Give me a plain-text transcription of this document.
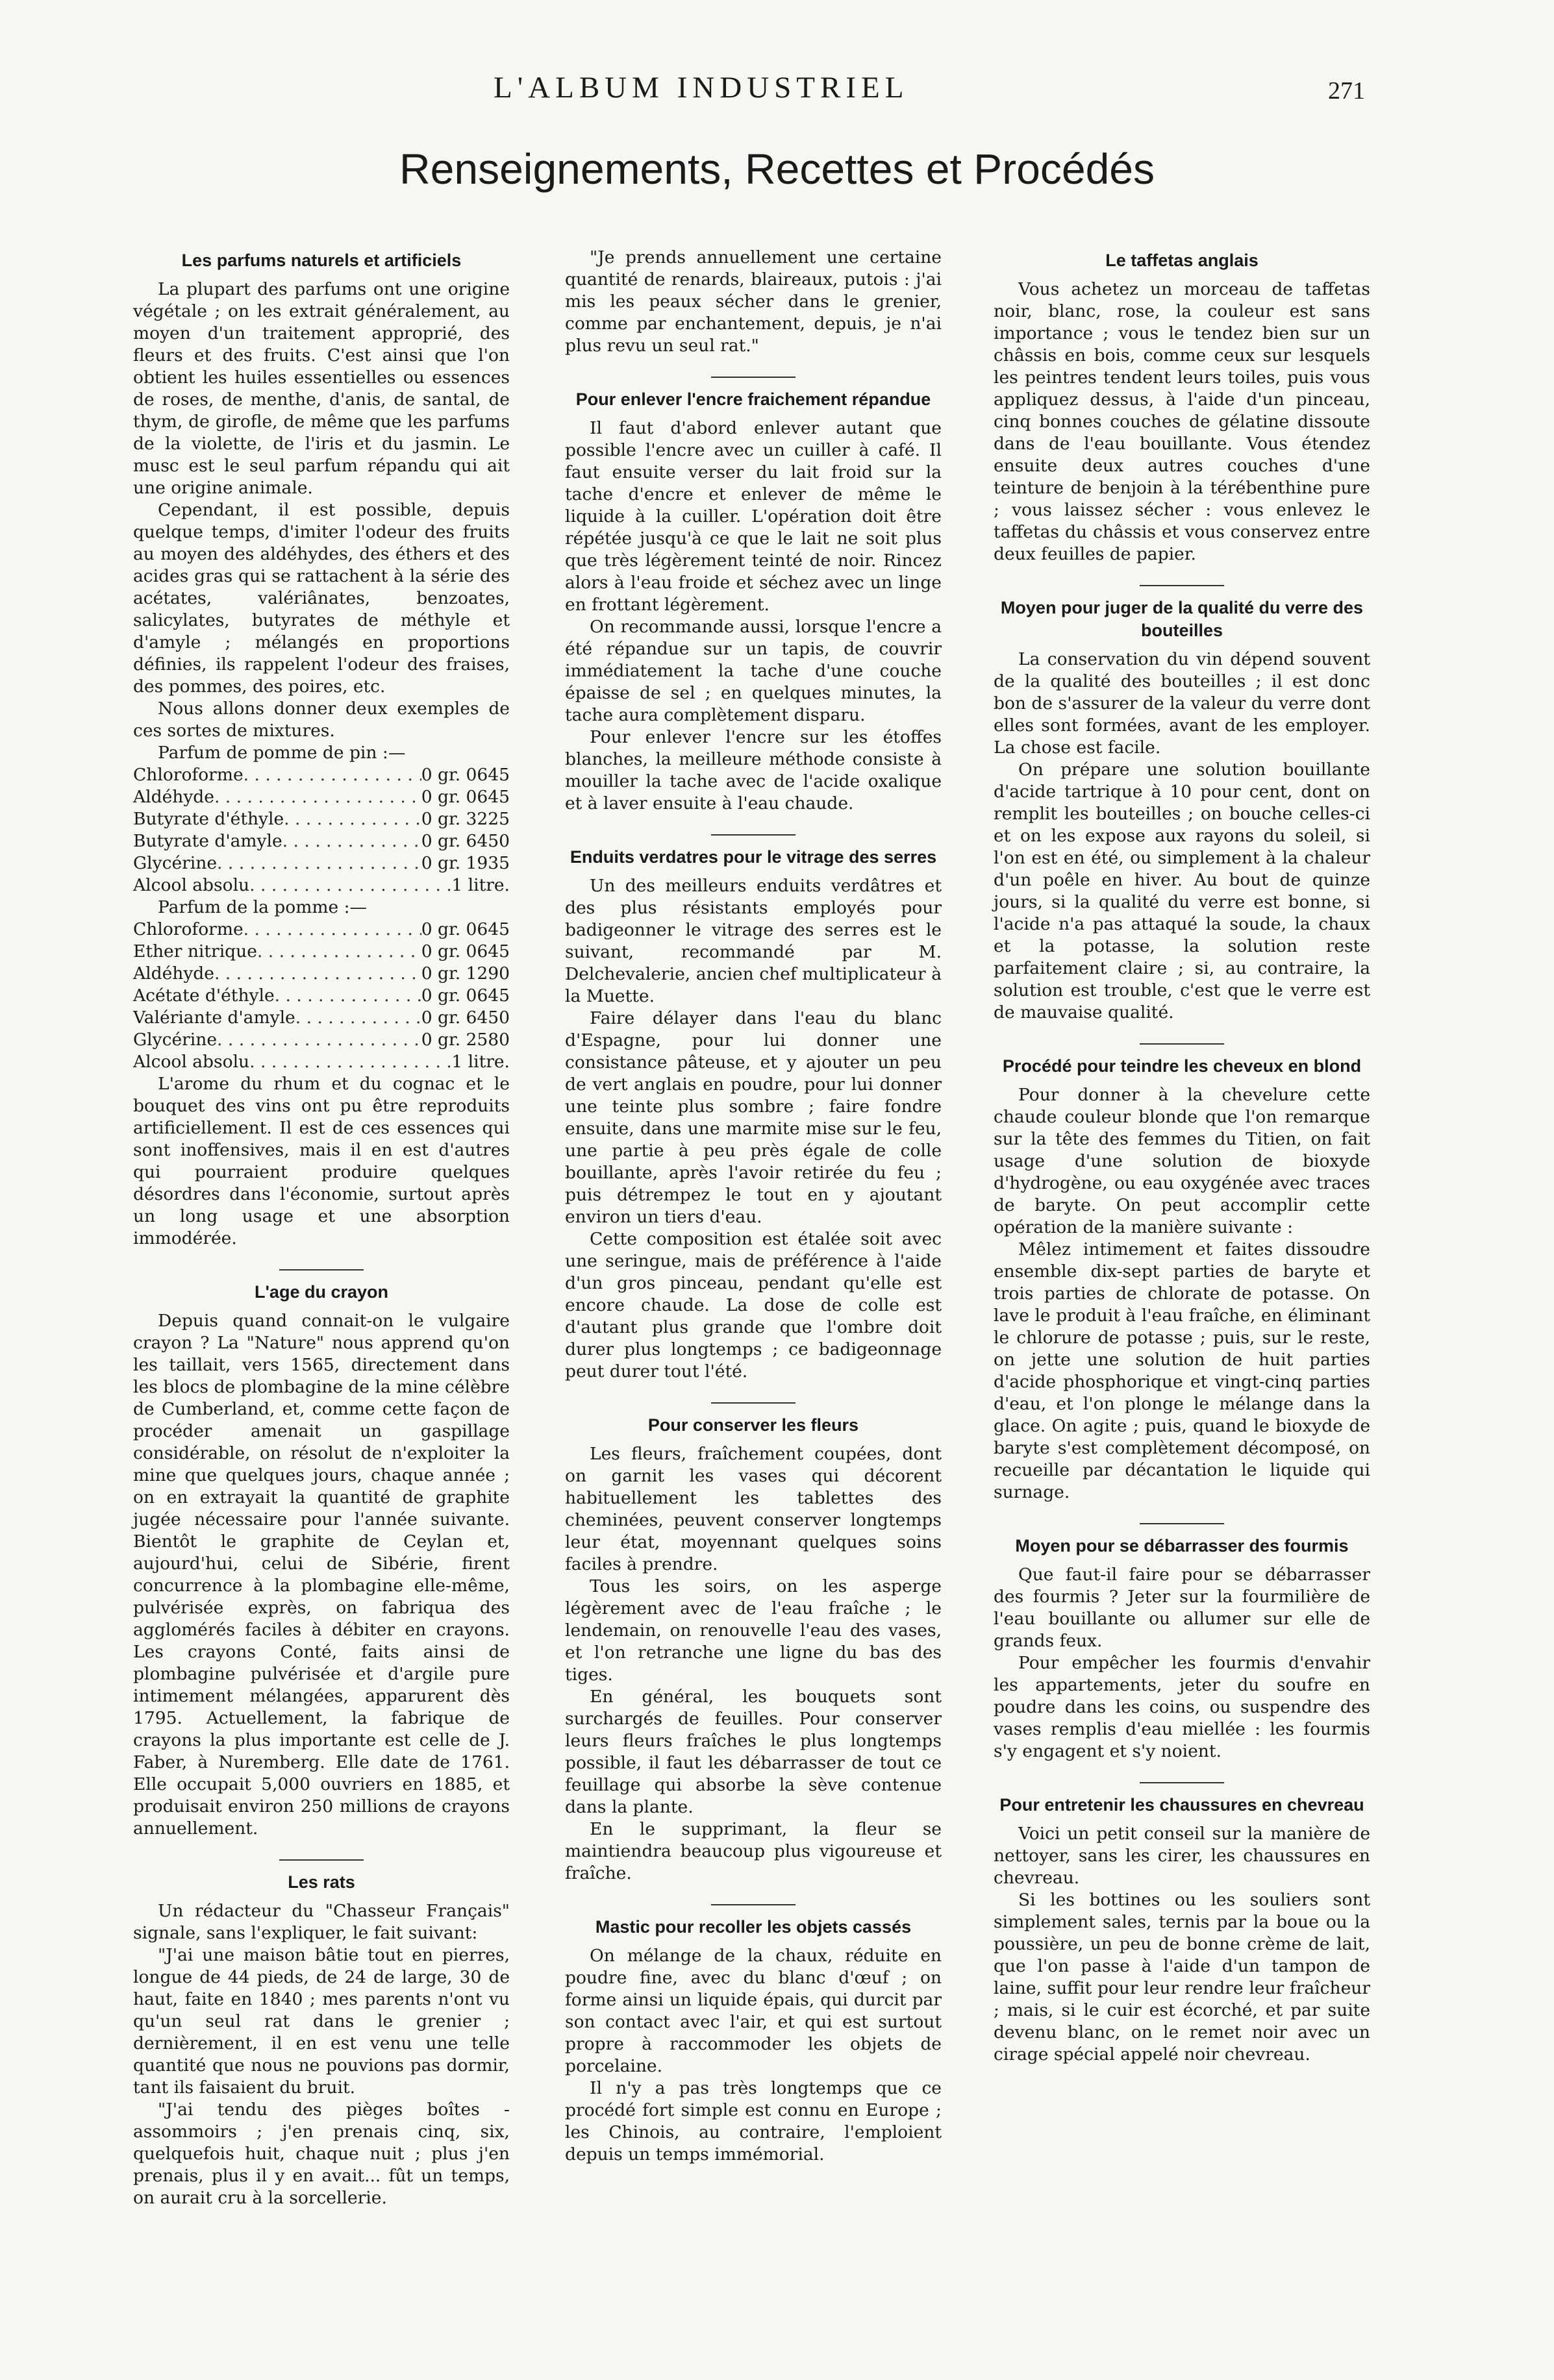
L'ALBUM INDUSTRIEL	271
Renseignements, Recettes et Procédés
Les parfums naturels et artificiels

La plupart des parfums ont une origine végétale ; on les extrait généralement, au moyen d'un traitement approprié, des fleurs et des fruits. C'est ainsi que l'on obtient les huiles essentielles ou essences de roses, de menthe, d'anis, de santal, de thym, de girofle, de même que les parfums de la violette, de l'iris et du jasmin. Le musc est le seul parfum répandu qui ait une origine animale.

Cependant, il est possible, depuis quelque temps, d'imiter l'odeur des fruits au moyen des aldéhydes, des éthers et des acides gras qui se rattachent à la série des acétates, valériânates, benzoates, salicylates, butyrates de méthyle et d'amyle ; mélangés en proportions définies, ils rappelent l'odeur des fraises, des pommes, des poires, etc.

Nous allons donner deux exemples de ces sortes de mixtures.

Parfum de pomme de pin :—
Chloroforme . . .	0 gr. 0645
Aldéhyde . . .	0 gr. 0645
Butyrate d'éthyle . . .	0 gr. 3225
Butyrate d'amyle . . .	0 gr. 6450
Glycérine . . .	0 gr. 1935
Alcool absolu . . .	1 litre.
Parfum de la pomme :—
Chloroforme . . .	0 gr. 0645
Ether nitrique . . .	0 gr. 0645
Aldéhyde . . .	0 gr. 1290
Acétate d'éthyle . . .	0 gr. 0645
Valériante d'amyle . . .	0 gr. 6450
Glycérine . . .	0 gr. 2580
Alcool absolu . . .	1 litre.

L'arome du rhum et du cognac et le bouquet des vins ont pu être reproduits artificiellement. Il est de ces essences qui sont inoffensives, mais il en est d'autres qui pourraient produire quelques désordres dans l'économie, surtout après un long usage et une absorption immodérée.

L'age du crayon

Depuis quand connait-on le vulgaire crayon ? La "Nature" nous apprend qu'on les taillait, vers 1565, directement dans les blocs de plombagine de la mine célèbre de Cumberland, et, comme cette façon de procéder amenait un gaspillage considérable, on résolut de n'exploiter la mine que quelques jours, chaque année ; on en extrayait la quantité de graphite jugée nécessaire pour l'année suivante. Bientôt le graphite de Ceylan et, aujourd'hui, celui de Sibérie, firent concurrence à la plombagine elle-même, pulvérisée exprès, on fabriqua des agglomérés faciles à débiter en crayons. Les crayons Conté, faits ainsi de plombagine pulvérisée et d'argile pure intimement mélangées, apparurent dès 1795. Actuellement, la fabrique de crayons la plus importante est celle de J. Faber, à Nuremberg. Elle date de 1761. Elle occupait 5,000 ouvriers en 1885, et produisait environ 250 millions de crayons annuellement.

Les rats

Un rédacteur du "Chasseur Français" signale, sans l'expliquer, le fait suivant:

"J'ai une maison bâtie tout en pierres, longue de 44 pieds, de 24 de large, 30 de haut, faite en 1840 ; mes parents n'ont vu qu'un seul rat dans le grenier ; dernièrement, il en est venu une telle quantité que nous ne pouvions pas dormir, tant ils faisaient du bruit.

"J'ai tendu des pièges boîtes - assommoirs ; j'en prenais cinq, six, quelquefois huit, chaque nuit ; plus j'en prenais, plus il y en avait... fût un temps, on aurait cru à la sorcellerie.

"Je prends annuellement une certaine quantité de renards, blaireaux, putois : j'ai mis les peaux sécher dans le grenier, comme par enchantement, depuis, je n'ai plus revu un seul rat."

Pour enlever l'encre fraichement répandue

Il faut d'abord enlever autant que possible l'encre avec un cuiller à café. Il faut ensuite verser du lait froid sur la tache d'encre et enlever de même le liquide à la cuiller. L'opération doit être répétée jusqu'à ce que le lait ne soit plus que très légèrement teinté de noir. Rincez alors à l'eau froide et séchez avec un linge en frottant légèrement.

On recommande aussi, lorsque l'encre a été répandue sur un tapis, de couvrir immédiatement la tache d'une couche épaisse de sel ; en quelques minutes, la tache aura complètement disparu.

Pour enlever l'encre sur les étoffes blanches, la meilleure méthode consiste à mouiller la tache avec de l'acide oxalique et à laver ensuite à l'eau chaude.

Enduits verdatres pour le vitrage des serres

Un des meilleurs enduits verdâtres et des plus résistants employés pour badigeonner le vitrage des serres est le suivant, recommandé par M. Delchevalerie, ancien chef multiplicateur à la Muette.

Faire délayer dans l'eau du blanc d'Espagne, pour lui donner une consistance pâteuse, et y ajouter un peu de vert anglais en poudre, pour lui donner une teinte plus sombre ; faire fondre ensuite, dans une marmite mise sur le feu, une partie à peu près égale de colle bouillante, après l'avoir retirée du feu ; puis détrempez le tout en y ajoutant environ un tiers d'eau.

Cette composition est étalée soit avec une seringue, mais de préférence à l'aide d'un gros pinceau, pendant qu'elle est encore chaude. La dose de colle est d'autant plus grande que l'ombre doit durer plus longtemps ; ce badigeonnage peut durer tout l'été.

Pour conserver les fleurs

Les fleurs, fraîchement coupées, dont on garnit les vases qui décorent habituellement les tablettes des cheminées, peuvent conserver longtemps leur état, moyennant quelques soins faciles à prendre.

Tous les soirs, on les asperge légèrement avec de l'eau fraîche ; le lendemain, on renouvelle l'eau des vases, et l'on retranche une ligne du bas des tiges.

En général, les bouquets sont surchargés de feuilles. Pour conserver leurs fleurs fraîches le plus longtemps possible, il faut les débarrasser de tout ce feuillage qui absorbe la sève contenue dans la plante.

En le supprimant, la fleur se maintiendra beaucoup plus vigoureuse et fraîche.

Mastic pour recoller les objets cassés

On mélange de la chaux, réduite en poudre fine, avec du blanc d'œuf ; on forme ainsi un liquide épais, qui durcit par son contact avec l'air, et qui est surtout propre à raccommoder les objets de porcelaine.

Il n'y a pas très longtemps que ce procédé fort simple est connu en Europe ; les Chinois, au contraire, l'emploient depuis un temps immémorial.

Le taffetas anglais

Vous achetez un morceau de taffetas noir, blanc, rose, la couleur est sans importance ; vous le tendez bien sur un châssis en bois, comme ceux sur lesquels les peintres tendent leurs toiles, puis vous appliquez dessus, à l'aide d'un pinceau, cinq bonnes couches de gélatine dissoute dans de l'eau bouillante. Vous étendez ensuite deux autres couches d'une teinture de benjoin à la térébenthine pure ; vous laissez sécher : vous enlevez le taffetas du châssis et vous conservez entre deux feuilles de papier.

Moyen pour juger de la qualité du verre des bouteilles

La conservation du vin dépend souvent de la qualité des bouteilles ; il est donc bon de s'assurer de la valeur du verre dont elles sont formées, avant de les employer. La chose est facile.

On prépare une solution bouillante d'acide tartrique à 10 pour cent, dont on remplit les bouteilles ; on bouche celles-ci et on les expose aux rayons du soleil, si l'on est en été, ou simplement à la chaleur d'un poêle en hiver. Au bout de quinze jours, si la qualité du verre est bonne, si l'acide n'a pas attaqué la soude, la chaux et la potasse, la solution reste parfaitement claire ; si, au contraire, la solution est trouble, c'est que le verre est de mauvaise qualité.

Procédé pour teindre les cheveux en blond

Pour donner à la chevelure cette chaude couleur blonde que l'on remarque sur la tête des femmes du Titien, on fait usage d'une solution de bioxyde d'hydrogène, ou eau oxygénée avec traces de baryte. On peut accomplir cette opération de la manière suivante :

Mêlez intimement et faites dissoudre ensemble dix-sept parties de baryte et trois parties de chlorate de potasse. On lave le produit à l'eau fraîche, en éliminant le chlorure de potasse ; puis, sur le reste, on jette une solution de huit parties d'acide phosphorique et vingt-cinq parties d'eau, et l'on plonge le mélange dans la glace. On agite ; puis, quand le bioxyde de baryte s'est complètement décomposé, on recueille par décantation le liquide qui surnage.

Moyen pour se débarrasser des fourmis

Que faut-il faire pour se débarrasser des fourmis ? Jeter sur la fourmilière de l'eau bouillante ou allumer sur elle de grands feux.

Pour empêcher les fourmis d'envahir les appartements, jeter du soufre en poudre dans les coins, ou suspendre des vases remplis d'eau miellée : les fourmis s'y engagent et s'y noient.

Pour entretenir les chaussures en chevreau

Voici un petit conseil sur la manière de nettoyer, sans les cirer, les chaussures en chevreau.

Si les bottines ou les souliers sont simplement sales, ternis par la boue ou la poussière, un peu de bonne crème de lait, que l'on passe à l'aide d'un tampon de laine, suffit pour leur rendre leur fraîcheur ; mais, si le cuir est écorché, et par suite devenu blanc, on le remet noir avec un cirage spécial appelé noir chevreau.
